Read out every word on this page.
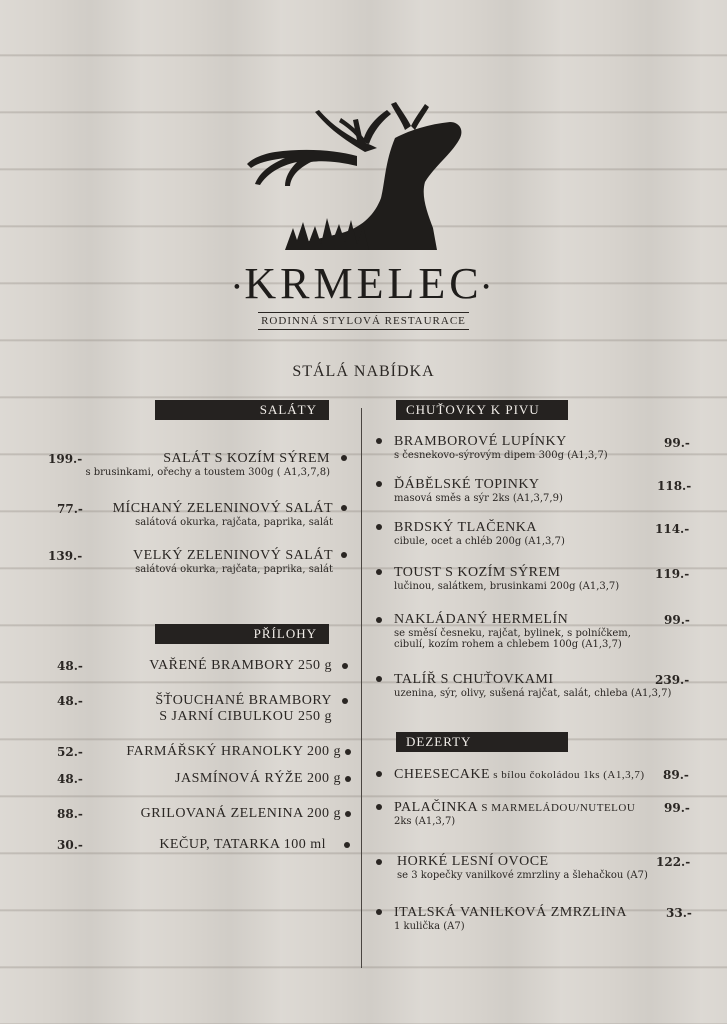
•KRMELEC•
RODINNÁ STYLOVÁ RESTAURACE
STÁLÁ NABÍDKA
SALÁTY
199.-	SALÁT S KOZÍM SÝREM
s brusinkami, ořechy a toustem 300g ( A1,3,7,8)
77.- MÍCHANÝ ZELENINOVÝ SALÁT
salátová okurka, rajčata, paprika, salát
139.-	VELKÝ ZELENINOVÝ SALÁT
salátová okurka, rajčata, paprika, salát
PŘÍLOHY
48.-	VAŘENÉ BRAMBORY 250 g
48.-	ŠŤOUCHANÉ BRAMBORY
S JARNÍ CIBULKOU 250 g
52.-	FARMÁŘSKÝ HRANOLKY 200 g
48.-	JASMÍNOVÁ RÝŽE 200 g
88.-	GRILOVANÁ ZELENINA 200 g
30.-	KEČUP, TATARKA 100 ml
CHUŤOVKY K PIVU
BRAMBOROVÉ LUPÍNKY
s česnekovo-sýrovým dipem 300g (A1,3,7)
99.-
ĎÁBĚLSKÉ TOPINKY
masová směs a sýr 2ks (A1,3,7,9)
118.-
BRDSKÝ TLAČENKA
cibule, ocet a chléb 200g (A1,3,7)
114.-
TOUST S KOZÍM SÝREM
lučinou, salátkem, brusinkami 200g (A1,3,7)
119.-
NAKLÁDANÝ HERMELÍN
se směsí česneku, rajčat, bylinek, s polníčkem,
cibulí, kozím rohem a chlebem 100g (A1,3,7)
99.-
TALÍŘ S CHUŤOVKAMI
uzenina, sýr, olivy, sušená rajčat, salát, chleba (A1,3,7)
239.-
DEZERTY
CHEESECAKE s bílou čokoládou 1ks (A1,3,7) 89.-
PALAČINKA S MARMELÁDOU/NUTELOU
2ks (A1,3,7)
99.-
HORKÉ LESNÍ OVOCE
se 3 kopečky vanilkové zmrzliny a šlehačkou (A7)
122.-
ITALSKÁ VANILKOVÁ ZMRZLINA
1 kulička (A7)
33.-
